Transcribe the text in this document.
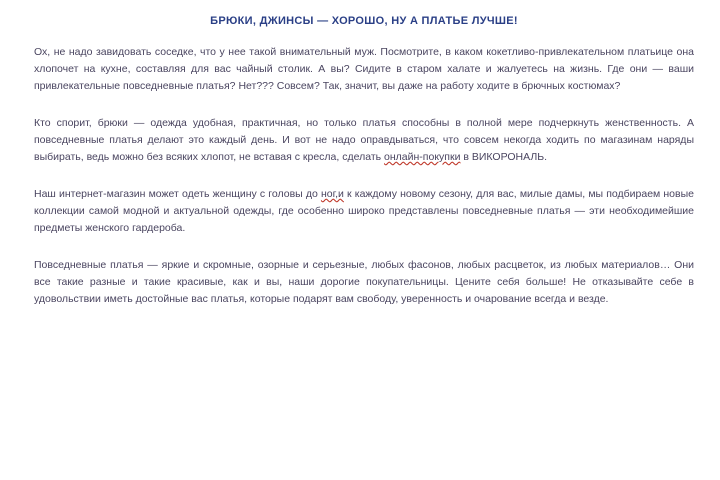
БРЮКИ, ДЖИНСЫ — ХОРОШО, НУ А ПЛАТЬЕ ЛУЧШЕ!

Ох, не надо завидовать соседке, что у нее такой внимательный муж. Посмотрите, в каком кокетливо-привлекательном платьице она хлопочет на кухне, составляя для вас чайный столик. А вы? Сидите в старом халате и жалуетесь на жизнь. Где они — ваши привлекательные повседневные платья? Нет??? Совсем? Так, значит, вы даже на работу ходите в брючных костюмах?

Кто спорит, брюки — одежда удобная, практичная, но только платья способны в полной мере подчеркнуть женственность. А повседневные платья делают это каждый день. И вот не надо оправдываться, что совсем некогда ходить по магазинам наряды выбирать, ведь можно без всяких хлопот, не вставая с кресла, сделать онлайн-покупки в ВИКОРОНАЛЬ.

Наш интернет-магазин может одеть женщину с головы до ног,и к каждому новому сезону, для вас, милые дамы, мы подбираем новые коллекции самой модной и актуальной одежды, где особенно широко представлены повседневные платья — эти необходимейшие предметы женского гардероба.

Повседневные платья — яркие и скромные, озорные и серьезные, любых фасонов, любых расцветок, из любых материалов… Они все такие разные и такие красивые, как и вы, наши дорогие покупательницы. Цените себя больше! Не отказывайте себе в удовольствии иметь достойные вас платья, которые подарят вам свободу, уверенность и очарование всегда и везде.
